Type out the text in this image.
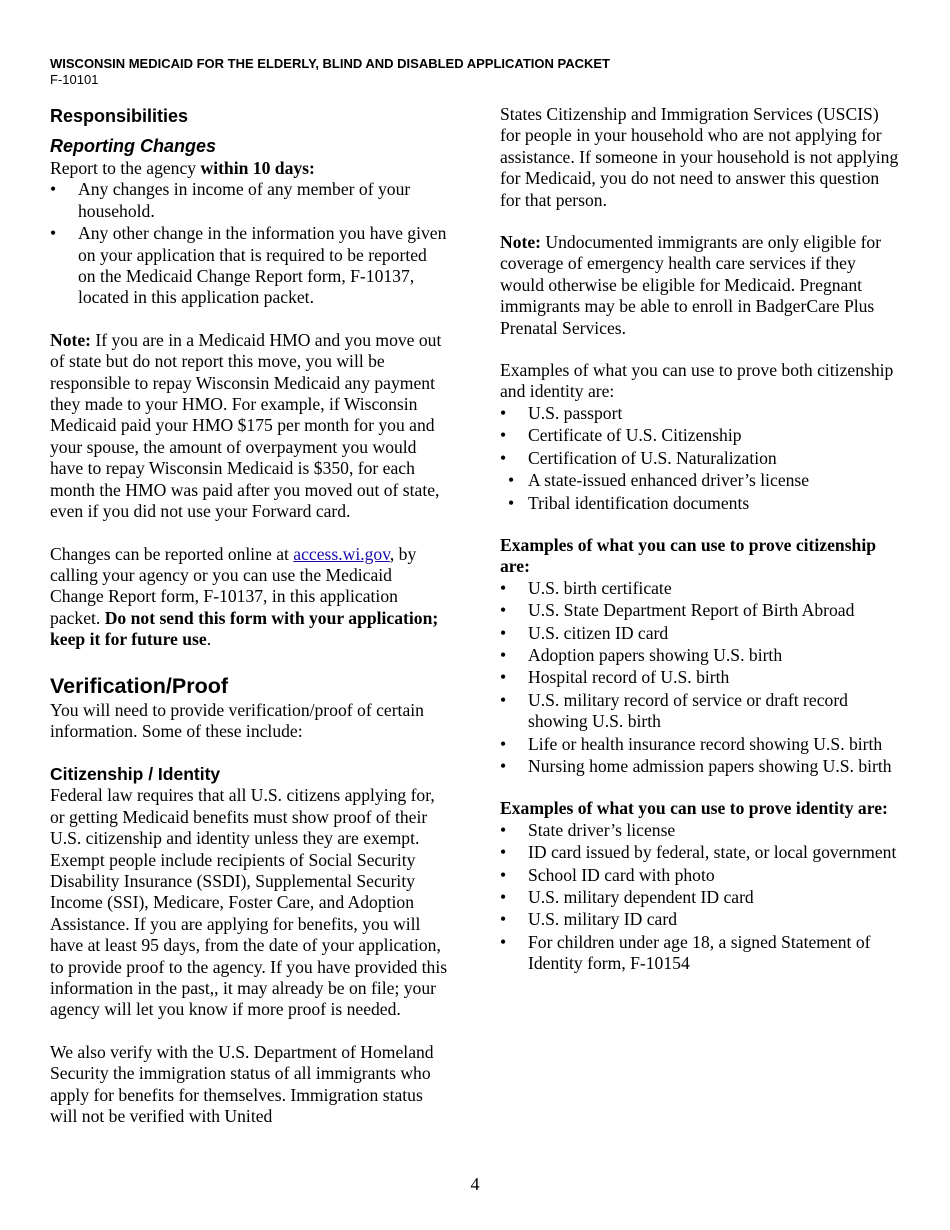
WISCONSIN MEDICAID FOR THE ELDERLY, BLIND AND DISABLED APPLICATION PACKET
F-10101
Responsibilities
Reporting Changes

Report to the agency within 10 days:

• Any changes in income of any member of your household.
• Any other change in the information you have given on your application that is required to be reported on the Medicaid Change Report form, F-10137, located in this application packet.

Note: If you are in a Medicaid HMO and you move out of state but do not report this move, you will be responsible to repay Wisconsin Medicaid any payment they made to your HMO. For example, if Wisconsin Medicaid paid your HMO $175 per month for you and your spouse, the amount of overpayment you would have to repay Wisconsin Medicaid is $350, for each month the HMO was paid after you moved out of state, even if you did not use your Forward card.

Changes can be reported online at access.wi.gov, by calling your agency or you can use the Medicaid Change Report form, F-10137, in this application packet. Do not send this form with your application; keep it for future use.

Verification/Proof

You will need to provide verification/proof of certain information. Some of these include:

Citizenship / Identity

Federal law requires that all U.S. citizens applying for, or getting Medicaid benefits must show proof of their U.S. citizenship and identity unless they are exempt. Exempt people include recipients of Social Security Disability Insurance (SSDI), Supplemental Security Income (SSI), Medicare, Foster Care, and Adoption Assistance. If you are applying for benefits, you will have at least 95 days, from the date of your application, to provide proof to the agency. If you have provided this information in the past,, it may already be on file; your agency will let you know if more proof is needed.

We also verify with the U.S. Department of Homeland Security the immigration status of all immigrants who apply for benefits for themselves. Immigration status will not be verified with United

States Citizenship and Immigration Services (USCIS) for people in your household who are not applying for assistance. If someone in your household is not applying for Medicaid, you do not need to answer this question for that person.

Note: Undocumented immigrants are only eligible for coverage of emergency health care services if they would otherwise be eligible for Medicaid. Pregnant immigrants may be able to enroll in BadgerCare Plus Prenatal Services.

Examples of what you can use to prove both citizenship and identity are:

• U.S. passport
• Certificate of U.S. Citizenship
• Certification of U.S. Naturalization
• A state-issued enhanced driver’s license
• Tribal identification documents

Examples of what you can use to prove citizenship are:

• U.S. birth certificate
• U.S. State Department Report of Birth Abroad
• U.S. citizen ID card
• Adoption papers showing U.S. birth
• Hospital record of U.S. birth
• U.S. military record of service or draft record showing U.S. birth
• Life or health insurance record showing U.S. birth
• Nursing home admission papers showing U.S. birth

Examples of what you can use to prove identity are:

• State driver’s license
• ID card issued by federal, state, or local government
• School ID card with photo
• U.S. military dependent ID card
• U.S. military ID card
• For children under age 18, a signed Statement of Identity form, F-10154
4
